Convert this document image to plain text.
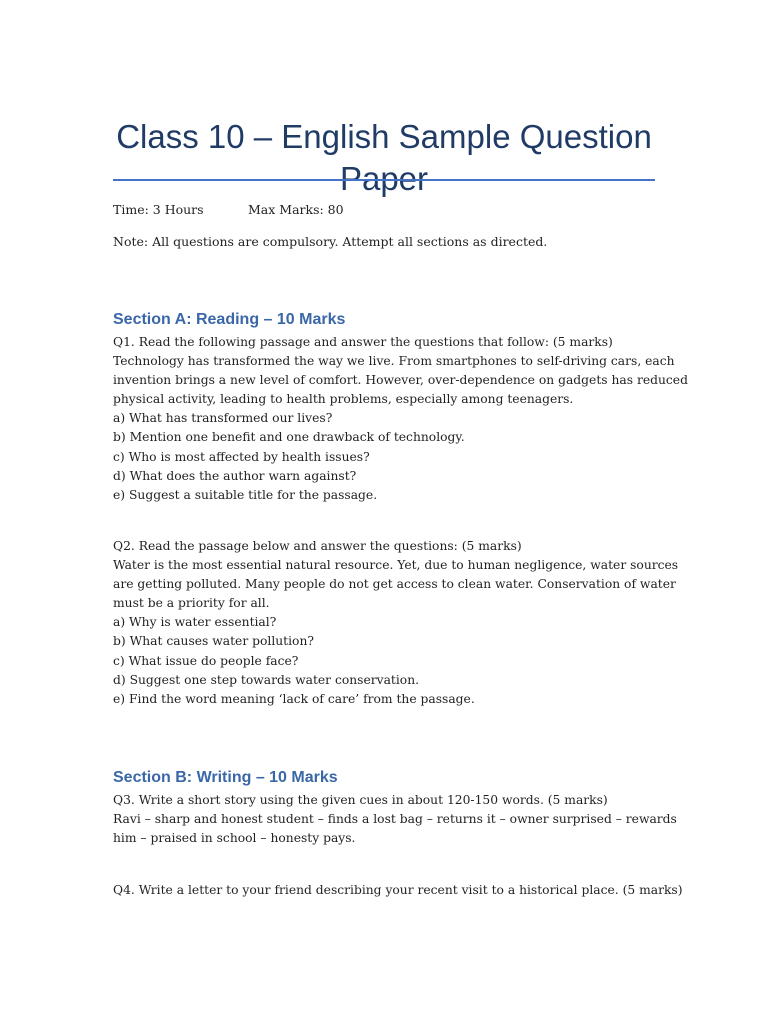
Class 10 – English Sample Question Paper
Time: 3 Hours	Max Marks: 80
Note: All questions are compulsory. Attempt all sections as directed.
Section A: Reading – 10 Marks
Q1. Read the following passage and answer the questions that follow: (5 marks)
Technology has transformed the way we live. From smartphones to self-driving cars, each
invention brings a new level of comfort. However, over-dependence on gadgets has reduced
physical activity, leading to health problems, especially among teenagers.
a) What has transformed our lives?
b) Mention one benefit and one drawback of technology.
c) Who is most affected by health issues?
d) What does the author warn against?
e) Suggest a suitable title for the passage.
Q2. Read the passage below and answer the questions: (5 marks)
Water is the most essential natural resource. Yet, due to human negligence, water sources
are getting polluted. Many people do not get access to clean water. Conservation of water
must be a priority for all.
a) Why is water essential?
b) What causes water pollution?
c) What issue do people face?
d) Suggest one step towards water conservation.
e) Find the word meaning ‘lack of care’ from the passage.
Section B: Writing – 10 Marks
Q3. Write a short story using the given cues in about 120-150 words. (5 marks)
Ravi – sharp and honest student – finds a lost bag – returns it – owner surprised – rewards
him – praised in school – honesty pays.
Q4. Write a letter to your friend describing your recent visit to a historical place. (5 marks)
